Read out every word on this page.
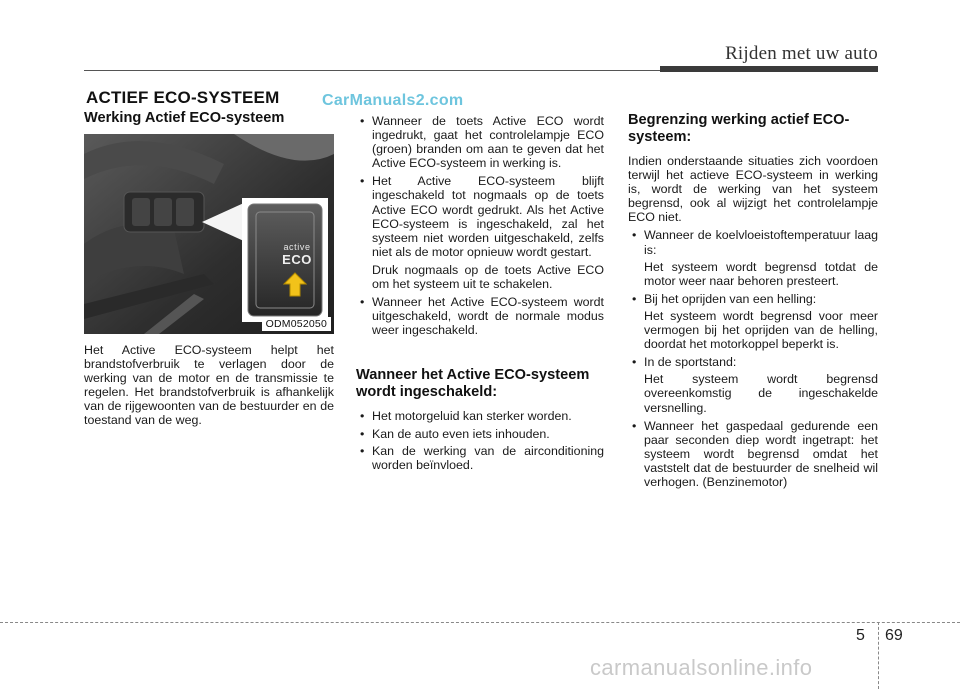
Rijden met uw auto
ACTIEF ECO-SYSTEEM	CarManuals2.com
Werking Actief ECO-systeem
active
ECO
ODM052050

Het Active ECO-systeem helpt het brandstofverbruik te verlagen door de werking van de motor en de transmissie te regelen. Het brandstofverbruik is afhankelijk van de rijgewoonten van de bestuurder en de toestand van de weg.

• Wanneer de toets Active ECO wordt ingedrukt, gaat het controlelampje ECO (groen) branden om aan te geven dat het Active ECO-systeem in werking is.
• Het Active ECO-systeem blijft ingeschakeld tot nogmaals op de toets Active ECO wordt gedrukt. Als het Active ECO-systeem is ingeschakeld, zal het systeem niet worden uitgeschakeld, zelfs niet als de motor opnieuw wordt gestart.
Druk nogmaals op de toets Active ECO om het systeem uit te schakelen.
• Wanneer het Active ECO-systeem wordt uitgeschakeld, wordt de normale modus weer ingeschakeld.
Wanneer het Active ECO-systeem wordt ingeschakeld:
• Het motorgeluid kan sterker worden.
• Kan de auto even iets inhouden.
• Kan de werking van de airconditioning worden beïnvloed.
Begrenzing werking actief ECO-systeem:

Indien onderstaande situaties zich voordoen terwijl het actieve ECO-systeem in werking is, wordt de werking van het systeem begrensd, ook al wijzigt het controlelampje ECO niet.

• Wanneer de koelvloeistoftemperatuur laag is:
Het systeem wordt begrensd totdat de motor weer naar behoren presteert.
• Bij het oprijden van een helling:
Het systeem wordt begrensd voor meer vermogen bij het oprijden van de helling, doordat het motorkoppel beperkt is.
• In de sportstand:
Het systeem wordt begrensd overeenkomstig de ingeschakelde versnelling.
• Wanneer het gaspedaal gedurende een paar seconden diep wordt ingetrapt: het systeem wordt begrensd omdat het vaststelt dat de bestuurder de snelheid wil verhogen. (Benzinemotor)
5 69
carmanualsonline.info
